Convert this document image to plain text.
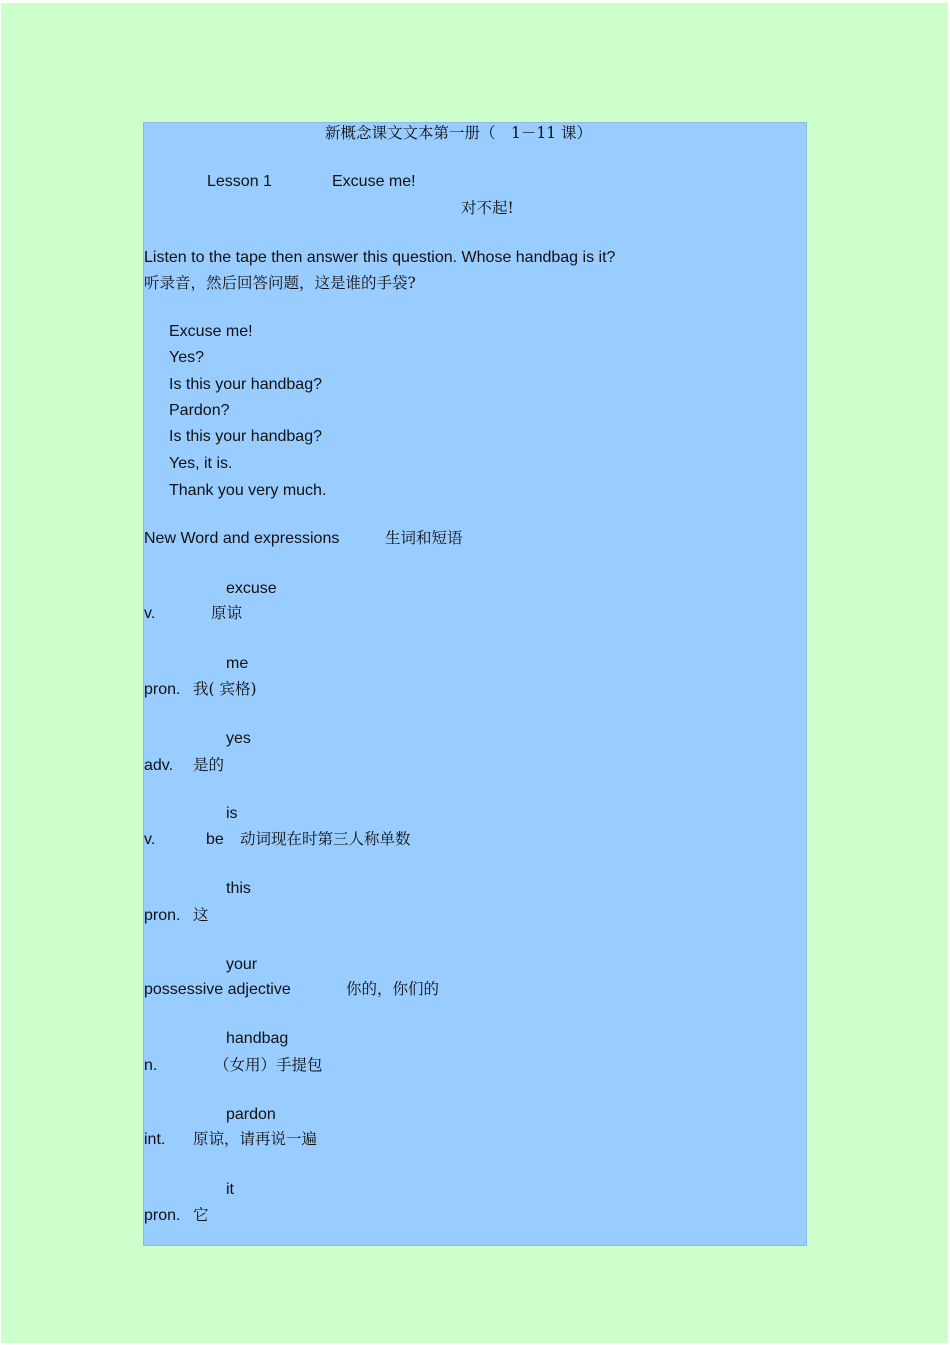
新概念课文文本第一册（　1－11 课）
Lesson 1	Excuse me!
对不起!
Listen to the tape then answer this question. Whose handbag is it?
听录音，然后回答问题，这是谁的手袋?
Excuse me!
Yes?
Is this your handbag?
Pardon?
Is this your handbag?
Yes, it is.
Thank you very much.
New Word and expressions	生词和短语
excuse
v.	原谅
me
pron. 我( 宾格)
yes
adv. 是的
is
v.	be 动词现在时第三人称单数
this
pron. 这
your
possessive adjective	你的，你们的
handbag
n.	（女用）手提包
pardon
int. 原谅，请再说一遍
it
pron. 它
